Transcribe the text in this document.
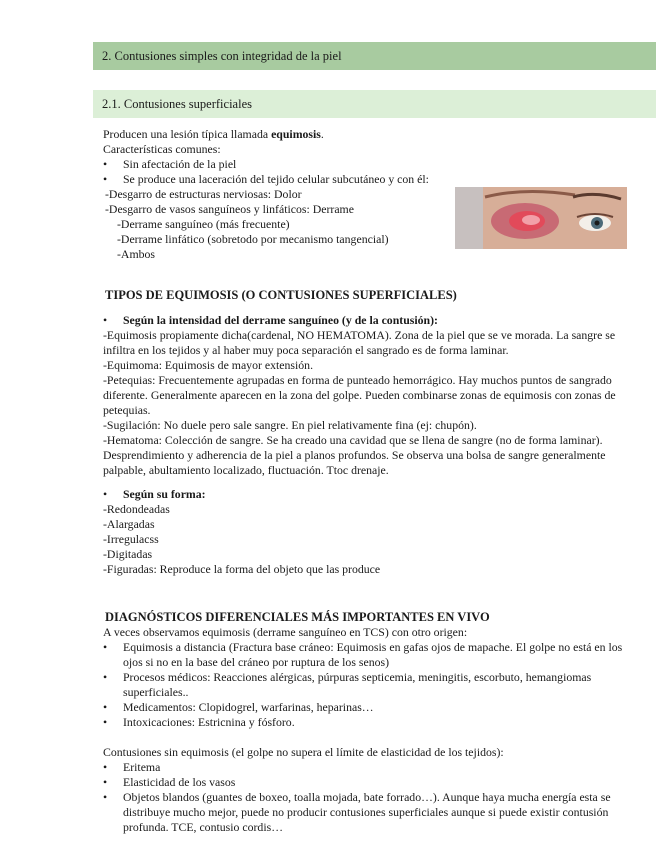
2. Contusiones simples con integridad de la piel
2.1. Contusiones superficiales
Producen una lesión típica llamada equimosis.
Características comunes:
• Sin afectación de la piel
• Se produce una laceración del tejido celular subcutáneo y con él:
-Desgarro de estructuras nerviosas: Dolor
-Desgarro de vasos sanguíneos y linfáticos: Derrame
-Derrame sanguíneo (más frecuente)
-Derrame linfático (sobretodo por mecanismo tangencial)
-Ambos
TIPOS DE EQUIMOSIS (O CONTUSIONES SUPERFICIALES)
• Según la intensidad del derrame sanguíneo (y de la contusión):
-Equimosis propiamente dicha(cardenal, NO HEMATOMA). Zona de la piel que se ve morada. La sangre se infiltra en los tejidos y al haber muy poca separación el sangrado es de forma laminar.
-Equimoma: Equimosis de mayor extensión.
-Petequias: Frecuentemente agrupadas en forma de punteado hemorrágico. Hay muchos puntos de sangrado diferente. Generalmente aparecen en la zona del golpe. Pueden combinarse zonas de equimosis con zonas de petequias.
-Sugilación: No duele pero sale sangre. En piel relativamente fina (ej: chupón).
-Hematoma: Colección de sangre. Se ha creado una cavidad que se llena de sangre (no de forma laminar). Desprendimiento y adherencia de la piel a planos profundos. Se observa una bolsa de sangre generalmente palpable, abultamiento localizado, fluctuación. Ttoc drenaje.
• Según su forma:
-Redondeadas
-Alargadas
-Irregulacss
-Digitadas
-Figuradas: Reproduce la forma del objeto que las produce
DIAGNÓSTICOS DIFERENCIALES MÁS IMPORTANTES EN VIVO
A veces observamos equimosis (derrame sanguíneo en TCS) con otro origen:
• Equimosis a distancia (Fractura base cráneo: Equimosis en gafas ojos de mapache. El golpe no está en los ojos si no en la base del cráneo por ruptura de los senos)
• Procesos médicos: Reacciones alérgicas, púrpuras septicemia, meningitis, escorbuto, hemangiomas superficiales..
• Medicamentos: Clopidogrel, warfarinas, heparinas…
• Intoxicaciones: Estricnina y fósforo.
Contusiones sin equimosis (el golpe no supera el límite de elasticidad de los tejidos):
• Eritema
• Elasticidad de los vasos
• Objetos blandos (guantes de boxeo, toalla mojada, bate forrado…). Aunque haya mucha energía esta se distribuye mucho mejor, puede no producir contusiones superficiales aunque si puede existir contusión profunda. TCE, contusio cordis…
